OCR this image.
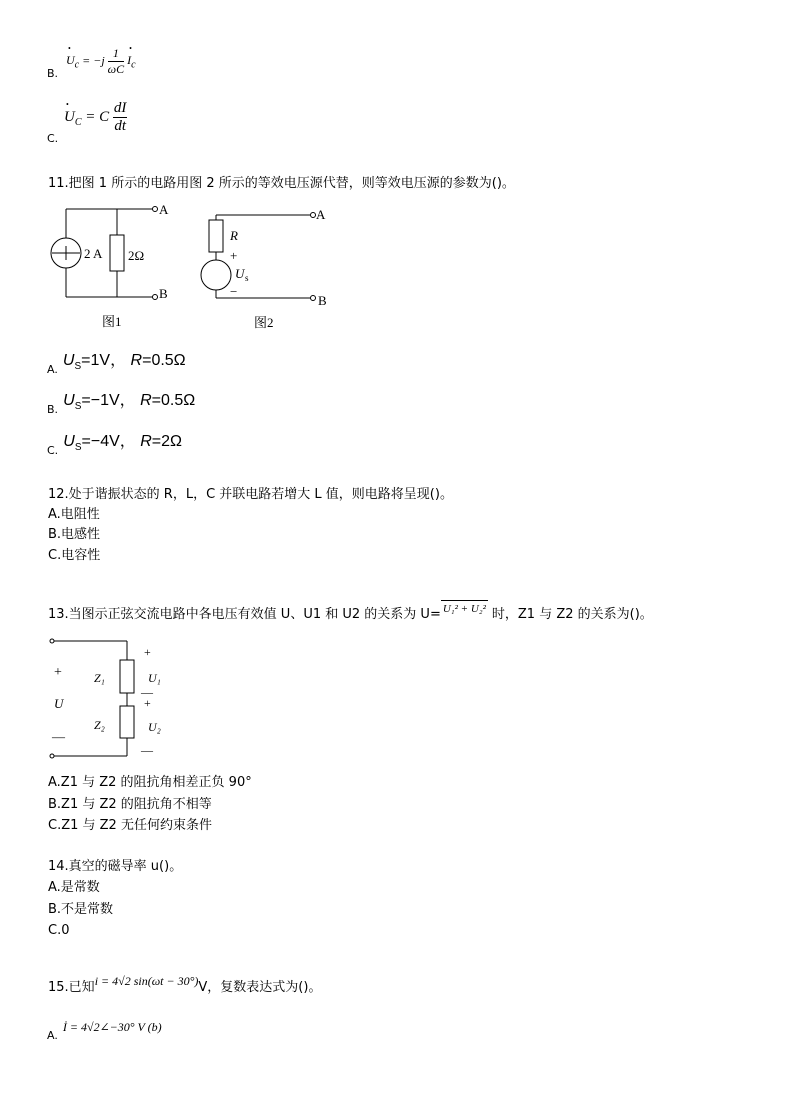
B.
• $U_c = -j \frac{1}{\omega C}$
• $I_c$
C.
• $U_C = C \frac{dI}{dt}$
11.把图 1 所示的电路用图 2 所示的等效电压源代替，则等效电压源的参数为()。
2 A 2Ω
A
B
图1
R
+
U s
−
A
B
图2
$_{A.}$ $U_S=1V$， R=0.5Ω
$_{B.}$ $U_S=-1V$， R=0.5Ω
$_{C.}$ $U_S=-4V$， R=2Ω
12.处于谐振状态的 R，L，C 并联电路若增大 L 值，则电路将呈现()。
A.电阻性
B.电感性
C.电容性
13.当图示正弦交流电路中各电压有效值 U、U1 和 U2 的关系为 U= U₁² + U₂² 时，Z1 与 Z2 的关系为()。
+
U
—
Z₁
Z₂
+
U₁
—
+
U₂
—
A.Z1 与 Z2 的阻抗角相差正负 90°
B.Z1 与 Z2 的阻抗角不相等
C.Z1 与 Z2 无任何约束条件
14.真空的磁导率 u()。
A.是常数
B.不是常数
C.0
15.已知i = 4√2 sin(ωt − 30°)V，复数表达式为()。
$_{A.}$ İ = 4√2∠−30° V (b)
